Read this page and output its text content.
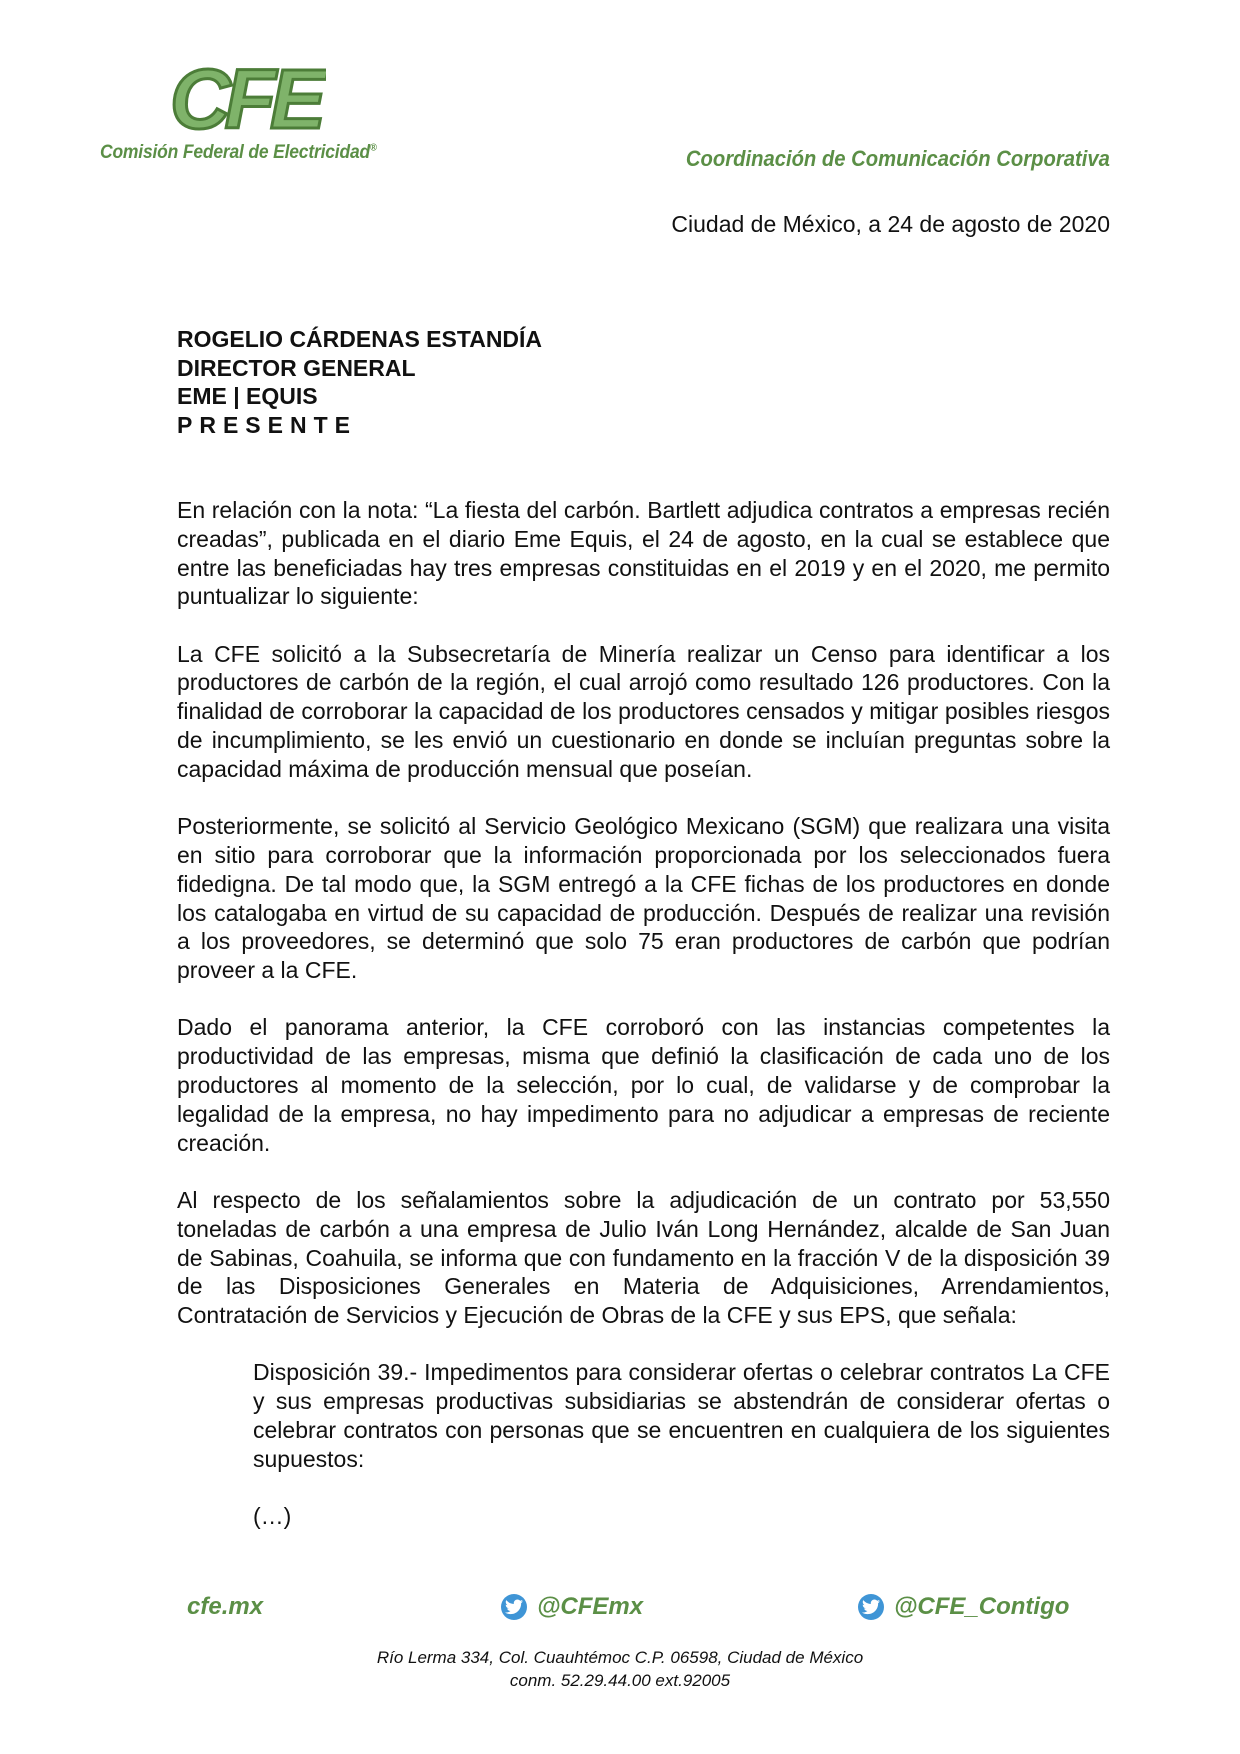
CFE
Comisión Federal de Electricidad®	Coordinación de Comunicación Corporativa
Ciudad de México, a 24 de agosto de 2020
ROGELIO CÁRDENAS ESTANDÍA
DIRECTOR GENERAL
EME | EQUIS
PRESENTE

En relación con la nota: “La fiesta del carbón. Bartlett adjudica contratos a empresas recién creadas”, publicada en el diario Eme Equis, el 24 de agosto, en la cual se establece que entre las beneficiadas hay tres empresas constituidas en el 2019 y en el 2020, me permito puntualizar lo siguiente:

La CFE solicitó a la Subsecretaría de Minería realizar un Censo para identificar a los productores de carbón de la región, el cual arrojó como resultado 126 productores. Con la finalidad de corroborar la capacidad de los productores censados y mitigar posibles riesgos de incumplimiento, se les envió un cuestionario en donde se incluían preguntas sobre la capacidad máxima de producción mensual que poseían.

Posteriormente, se solicitó al Servicio Geológico Mexicano (SGM) que realizara una visita en sitio para corroborar que la información proporcionada por los seleccionados fuera fidedigna. De tal modo que, la SGM entregó a la CFE fichas de los productores en donde los catalogaba en virtud de su capacidad de producción. Después de realizar una revisión a los proveedores, se determinó que solo 75 eran productores de carbón que podrían proveer a la CFE.

Dado el panorama anterior, la CFE corroboró con las instancias competentes la productividad de las empresas, misma que definió la clasificación de cada uno de los productores al momento de la selección, por lo cual, de validarse y de comprobar la legalidad de la empresa, no hay impedimento para no adjudicar a empresas de reciente creación.

Al respecto de los señalamientos sobre la adjudicación de un contrato por 53,550 toneladas de carbón a una empresa de Julio Iván Long Hernández, alcalde de San Juan de Sabinas, Coahuila, se informa que con fundamento en la fracción V de la disposición 39 de las Disposiciones Generales en Materia de Adquisiciones, Arrendamientos, Contratación de Servicios y Ejecución de Obras de la CFE y sus EPS, que señala:

Disposición 39.- Impedimentos para considerar ofertas o celebrar contratos La CFE y sus empresas productivas subsidiarias se abstendrán de considerar ofertas o celebrar contratos con personas que se encuentren en cualquiera de los siguientes supuestos:

(…)

cfe.mx	@CFEmx	@CFE_Contigo
Río Lerma 334, Col. Cuauhtémoc C.P. 06598, Ciudad de México
conm. 52.29.44.00 ext.92005
